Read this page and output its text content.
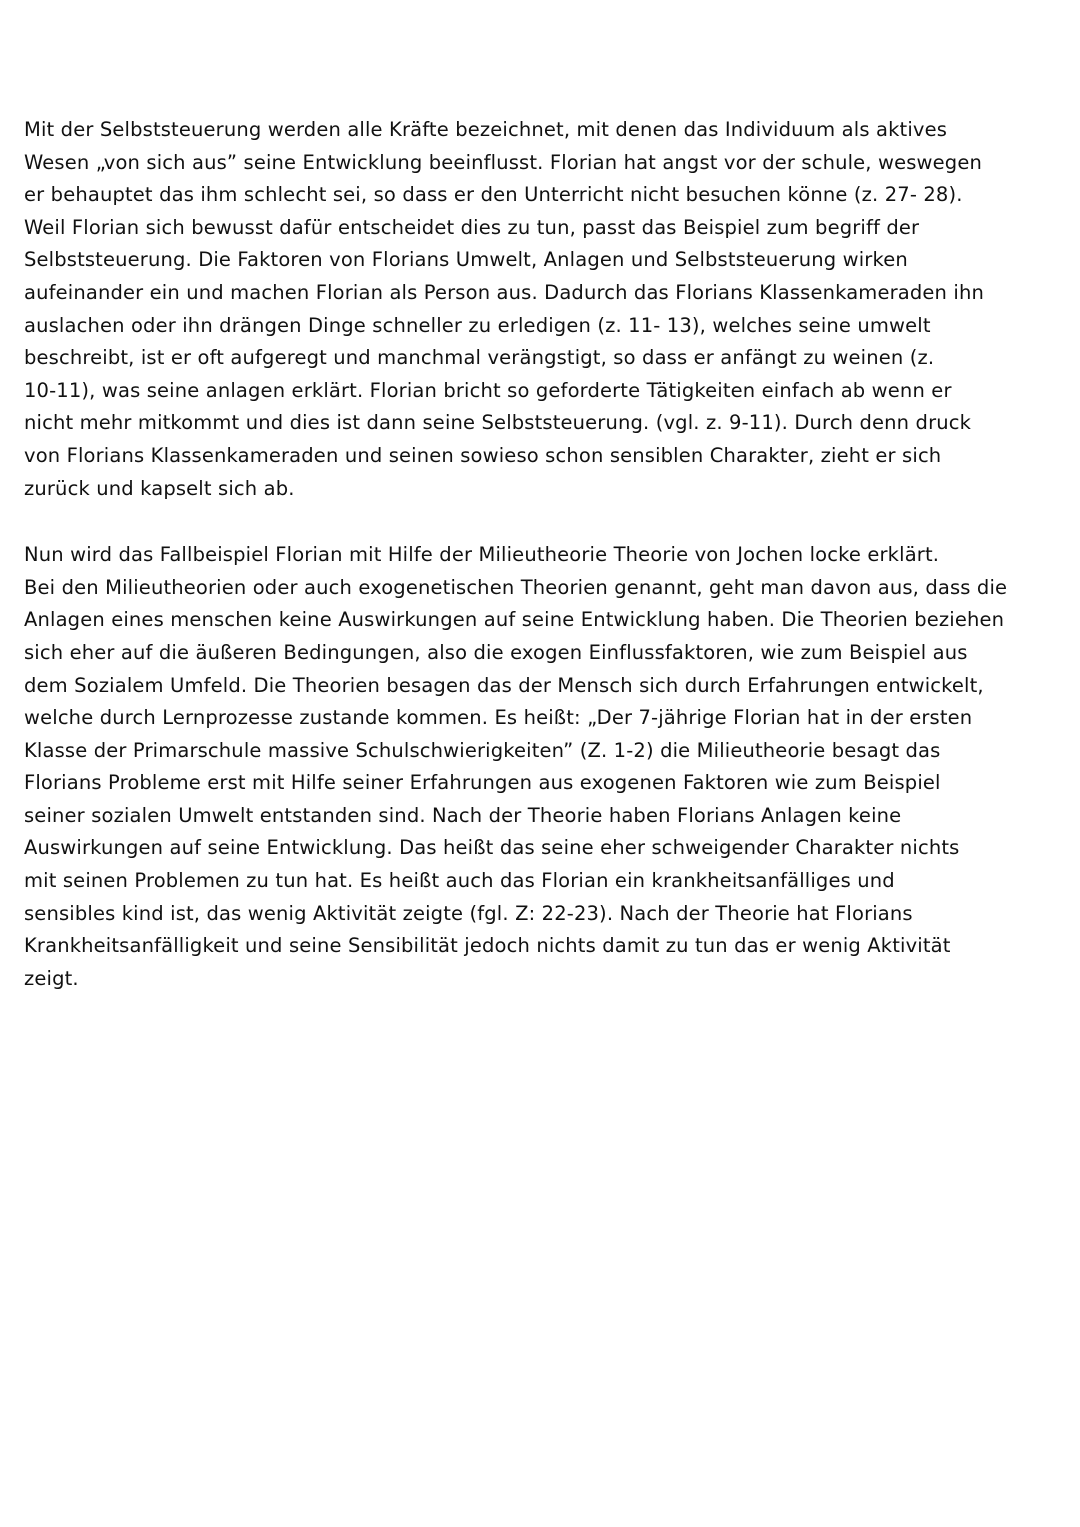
Mit der Selbststeuerung werden alle Kräfte bezeichnet, mit denen das Individuum als aktives
Wesen „von sich aus” seine Entwicklung beeinflusst. Florian hat angst vor der schule, weswegen
er behauptet das ihm schlecht sei, so dass er den Unterricht nicht besuchen könne (z. 27- 28).
Weil Florian sich bewusst dafür entscheidet dies zu tun, passt das Beispiel zum begriff der
Selbststeuerung. Die Faktoren von Florians Umwelt, Anlagen und Selbststeuerung wirken
aufeinander ein und machen Florian als Person aus. Dadurch das Florians Klassenkameraden ihn
auslachen oder ihn drängen Dinge schneller zu erledigen (z. 11- 13), welches seine umwelt
beschreibt, ist er oft aufgeregt und manchmal verängstigt, so dass er anfängt zu weinen (z.
10-11), was seine anlagen erklärt. Florian bricht so geforderte Tätigkeiten einfach ab wenn er
nicht mehr mitkommt und dies ist dann seine Selbststeuerung. (vgl. z. 9-11). Durch denn druck
von Florians Klassenkameraden und seinen sowieso schon sensiblen Charakter, zieht er sich
zurück und kapselt sich ab.

Nun wird das Fallbeispiel Florian mit Hilfe der Milieutheorie Theorie von Jochen locke erklärt.
Bei den Milieutheorien oder auch exogenetischen Theorien genannt, geht man davon aus, dass die
Anlagen eines menschen keine Auswirkungen auf seine Entwicklung haben. Die Theorien beziehen
sich eher auf die äußeren Bedingungen, also die exogen Einflussfaktoren, wie zum Beispiel aus
dem Sozialem Umfeld. Die Theorien besagen das der Mensch sich durch Erfahrungen entwickelt,
welche durch Lernprozesse zustande kommen. Es heißt: „Der 7-jährige Florian hat in der ersten
Klasse der Primarschule massive Schulschwierigkeiten” (Z. 1-2) die Milieutheorie besagt das
Florians Probleme erst mit Hilfe seiner Erfahrungen aus exogenen Faktoren wie zum Beispiel
seiner sozialen Umwelt entstanden sind. Nach der Theorie haben Florians Anlagen keine
Auswirkungen auf seine Entwicklung. Das heißt das seine eher schweigender Charakter nichts
mit seinen Problemen zu tun hat. Es heißt auch das Florian ein krankheitsanfälliges und
sensibles kind ist, das wenig Aktivität zeigte (fgl. Z: 22-23). Nach der Theorie hat Florians
Krankheitsanfälligkeit und seine Sensibilität jedoch nichts damit zu tun das er wenig Aktivität
zeigt.
